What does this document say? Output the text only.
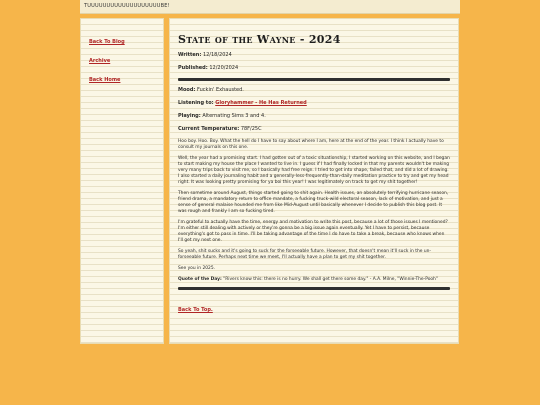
TUUUUUUUUUUUUUUUUUUUBE!
Back To Blog
Archive
Back Home
State of the Wayne - 2024
Written: 12/18/2024
Published: 12/20/2024
Mood: Fuckin' Exhausted.
Listening to: Gloryhammer - He Has Returned
Playing: Alternating Sims 3 and 4.
Current Temperature: 78F/25C

Hoo boy. Hoo. Boy. What the hell do I have to say about where I am, here at the end of the year. I think I actually have to consult my journals on this one.

Well, the year had a promising start. I had gotten out of a toxic situationship, I started working on this website, and I began to start making my house the place I wanted to live in. I guess if I had finally locked in that my parents wouldn't be making very many trips back to visit me, so I basically had free reign. I tried to get into shape, failed that, and did a lot of drawing. I also started a daily journaling habit and a generally-less-frequently-than-daily meditation practice to try and get my head right. It was looking pretty promising for ya boi this year! I was legitimately on track to get my shit together!

Then sometime around August, things started going to shit again. Health issues, an absolutely terrifying hurricane season, friend drama, a mandatory return to office mandate, a fucking truck-wild electoral season, lack of motivation, and just a sense of general malaise hounded me from like Mid-August until basically whenever I decide to publish this blog post. It was rough and frankly I am so fucking tired.

I'm grateful to actually have the time, energy and motivation to write this post, because a lot of those issues I mentioned? I'm either still dealing with actively or they're gonna be a big issue again eventually. Yet I have to persist, because everything's got to pass in time. I'll be taking advantage of the time I do have to take a break, because who knows when I'll get my next one.

So yeah, shit sucks and it's going to suck for the forseeable future. However, that doesn't mean it'll suck in the un-forseeable future. Perhaps next time we meet, I'll actually have a plan to get my shit together.

See you in 2025.

Quote of the Day: "Rivers know this: there is no hurry. We shall get there some day." - A.A. Milne, "Winnie-The-Pooh"

Back To Top.
